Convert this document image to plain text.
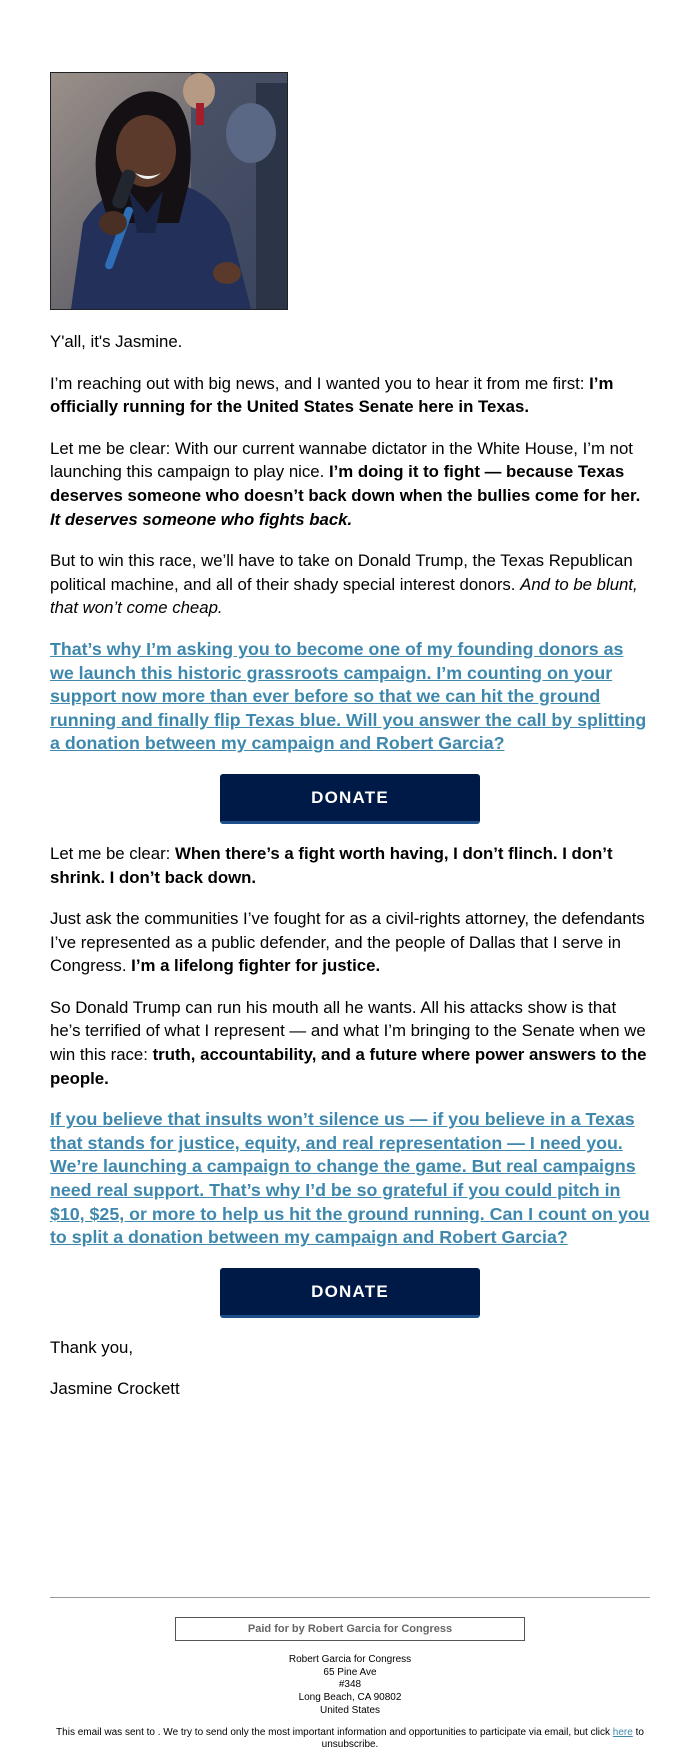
Y'all, it's Jasmine.

I’m reaching out with big news, and I wanted you to hear it from me first: I’m officially running for the United States Senate here in Texas.

Let me be clear: With our current wannabe dictator in the White House, I’m not launching this campaign to play nice. I’m doing it to fight — because Texas deserves someone who doesn’t back down when the bullies come for her. It deserves someone who fights back.

But to win this race, we’ll have to take on Donald Trump, the Texas Republican political machine, and all of their shady special interest donors. And to be blunt, that won’t come cheap.

That’s why I’m asking you to become one of my founding donors as we launch this historic grassroots campaign. I’m counting on your support now more than ever before so that we can hit the ground running and finally flip Texas blue. Will you answer the call by splitting a donation between my campaign and Robert Garcia?
DONATE

Let me be clear: When there’s a fight worth having, I don’t flinch. I don’t shrink. I don’t back down.

Just ask the communities I’ve fought for as a civil-rights attorney, the defendants I’ve represented as a public defender, and the people of Dallas that I serve in Congress. I’m a lifelong fighter for justice.

So Donald Trump can run his mouth all he wants. All his attacks show is that he’s terrified of what I represent — and what I’m bringing to the Senate when we win this race: truth, accountability, and a future where power answers to the people.

If you believe that insults won’t silence us — if you believe in a Texas that stands for justice, equity, and real representation — I need you. We’re launching a campaign to change the game. But real campaigns need real support. That’s why I’d be so grateful if you could pitch in $10, $25, or more to help us hit the ground running. Can I count on you to split a donation between my campaign and Robert Garcia?
DONATE

Thank you,

Jasmine Crockett

Paid for by Robert Garcia for Congress
Robert Garcia for Congress
65 Pine Ave
#348
Long Beach, CA 90802
United States
This email was sent to . We try to send only the most important information and opportunities to participate via email, but click here to unsubscribe.
